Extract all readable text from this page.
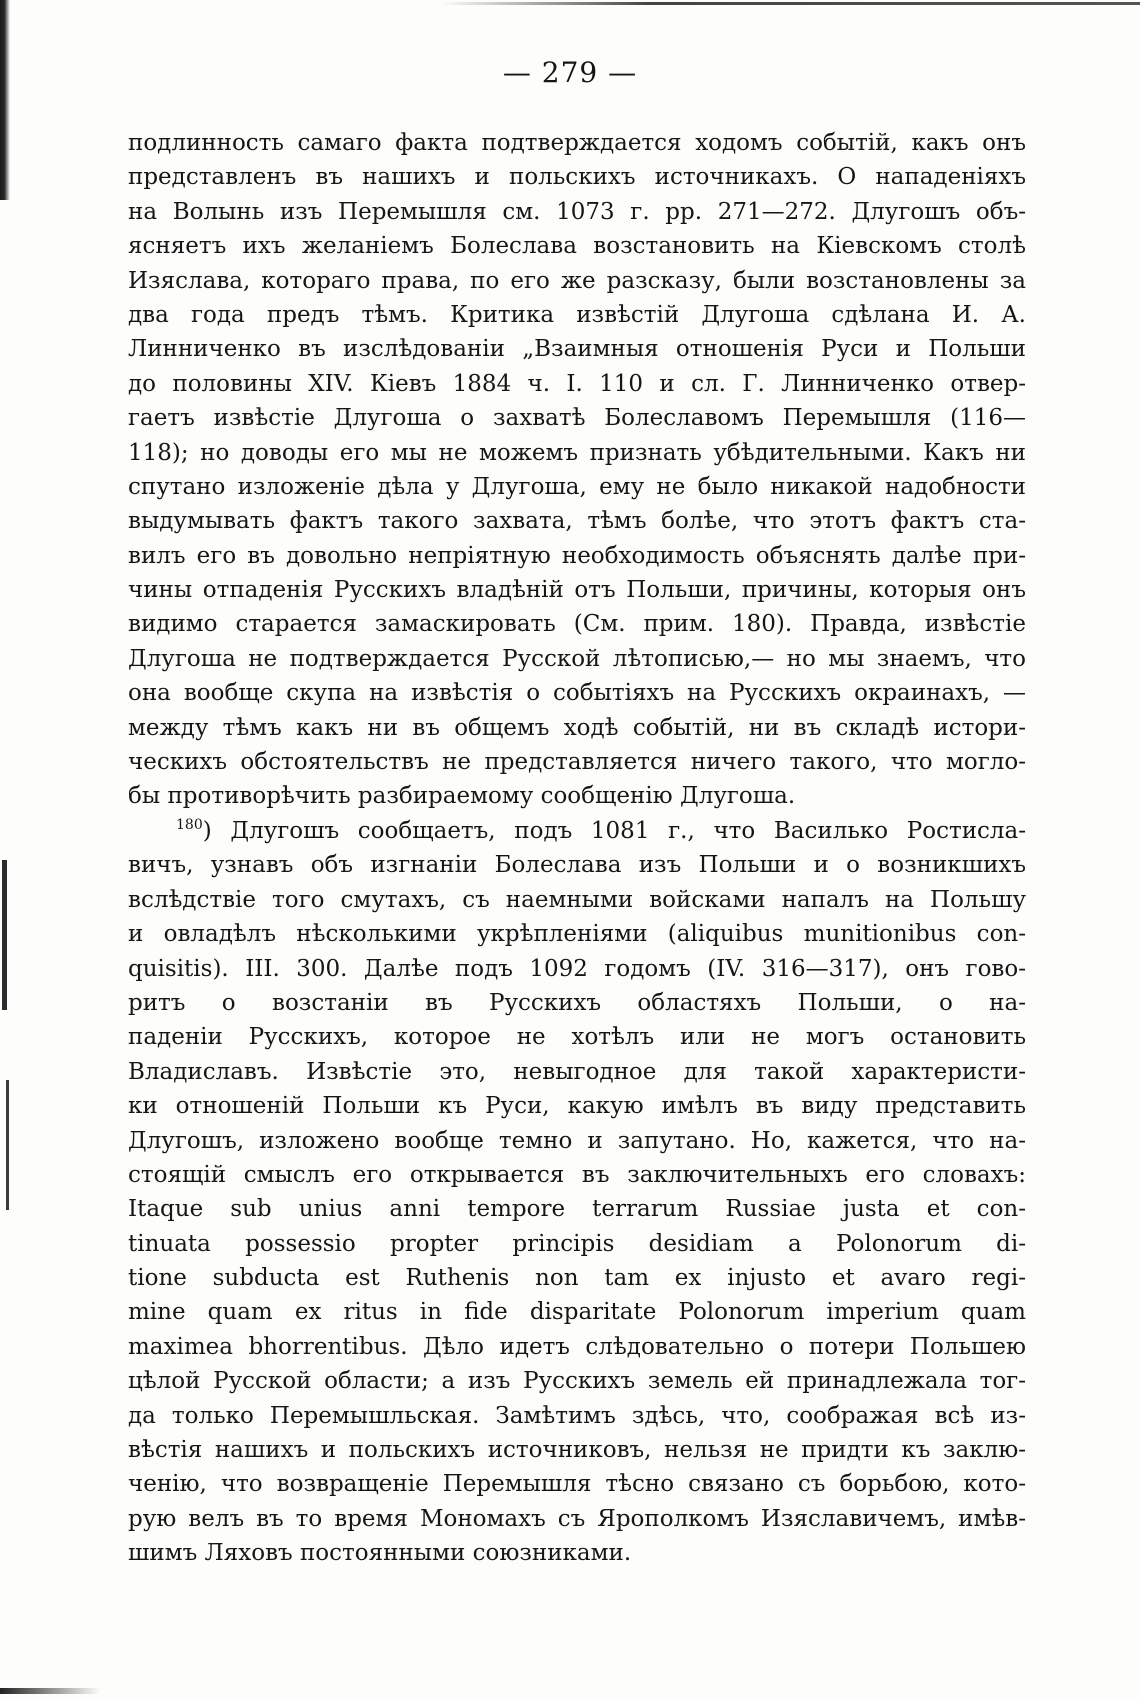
— 279 —
подлинность самаго факта подтверждается ходомъ событій, какъ онъ
представленъ въ нашихъ и польскихъ источникахъ. О нападеніяхъ
на Волынь изъ Перемышля см. 1073 г. pp. 271—272. Длугошъ объ-
ясняетъ ихъ желаніемъ Болеслава возстановить на Кіевскомъ столѣ
Изяслава, котораго права, по его же разсказу, были возстановлены за
два года предъ тѣмъ. Критика извѣстій Длугоша сдѣлана И. А.
Линниченко въ изслѣдованіи „Взаимныя отношенія Руси и Польши
до половины XIV. Кіевъ 1884 ч. I. 110 и сл. Г. Линниченко отвер-
гаетъ извѣстіе Длугоша о захватѣ Болеславомъ Перемышля (116—
118); но доводы его мы не можемъ признать убѣдительными. Какъ ни
спутано изложеніе дѣла у Длугоша, ему не было никакой надобности
выдумывать фактъ такого захвата, тѣмъ болѣе, что этотъ фактъ ста-
вилъ его въ довольно непріятную необходимость объяснять далѣе при-
чины отпаденія Русскихъ владѣній отъ Польши, причины, которыя онъ
видимо старается замаскировать (См. прим. 180). Правда, извѣстіе
Длугоша не подтверждается Русской лѣтописью,— но мы знаемъ, что
она вообще скупа на извѣстія о событіяхъ на Русскихъ окраинахъ, —
между тѣмъ какъ ни въ общемъ ходѣ событій, ни въ складѣ истори-
ческихъ обстоятельствъ не представляется ничего такого, что могло-
бы противорѣчить разбираемому сообщенію Длугоша.
$^{180}$) Длугошъ сообщаетъ, подъ 1081 г., что Василько Ростисла-
вичъ, узнавъ объ изгнаніи Болеслава изъ Польши и о возникшихъ
вслѣдствіе того смутахъ, съ наемными войсками напалъ на Польшу
и овладѣлъ нѣсколькими укрѣпленіями (aliquibus munitionibus con-
quisitis). III. 300. Далѣе подъ 1092 годомъ (IV. 316—317), онъ гово-
ритъ о возстаніи въ Русскихъ областяхъ Польши, о на-
паденіи Русскихъ, которое не хотѣлъ или не могъ остановить
Владиславъ. Извѣстіе это, невыгодное для такой характеристи-
ки отношеній Польши къ Руси, какую имѣлъ въ виду представить
Длугошъ, изложено вообще темно и запутано. Но, кажется, что на-
стоящій смыслъ его открывается въ заключительныхъ его словахъ:
Itaque sub unius anni tempore terrarum Russiae justa et con-
tinuata possessio propter principis desidiam a Polonorum di-
tione subducta est Ruthenis non tam ex injusto et avaro regi-
mine quam ex ritus in fide disparitate Polonorum imperium quam
maximea bhorrentibus. Дѣло идетъ слѣдовательно о потери Польшею
цѣлой Русской области; а изъ Русскихъ земель ей принадлежала тог-
да только Перемышльская. Замѣтимъ здѣсь, что, соображая всѣ из-
вѣстія нашихъ и польскихъ источниковъ, нельзя не придти къ заклю-
ченію, что возвращеніе Перемышля тѣсно связано съ борьбою, кото-
рую велъ въ то время Мономахъ съ Ярополкомъ Изяславичемъ, имѣв-
шимъ Ляховъ постоянными союзниками.
